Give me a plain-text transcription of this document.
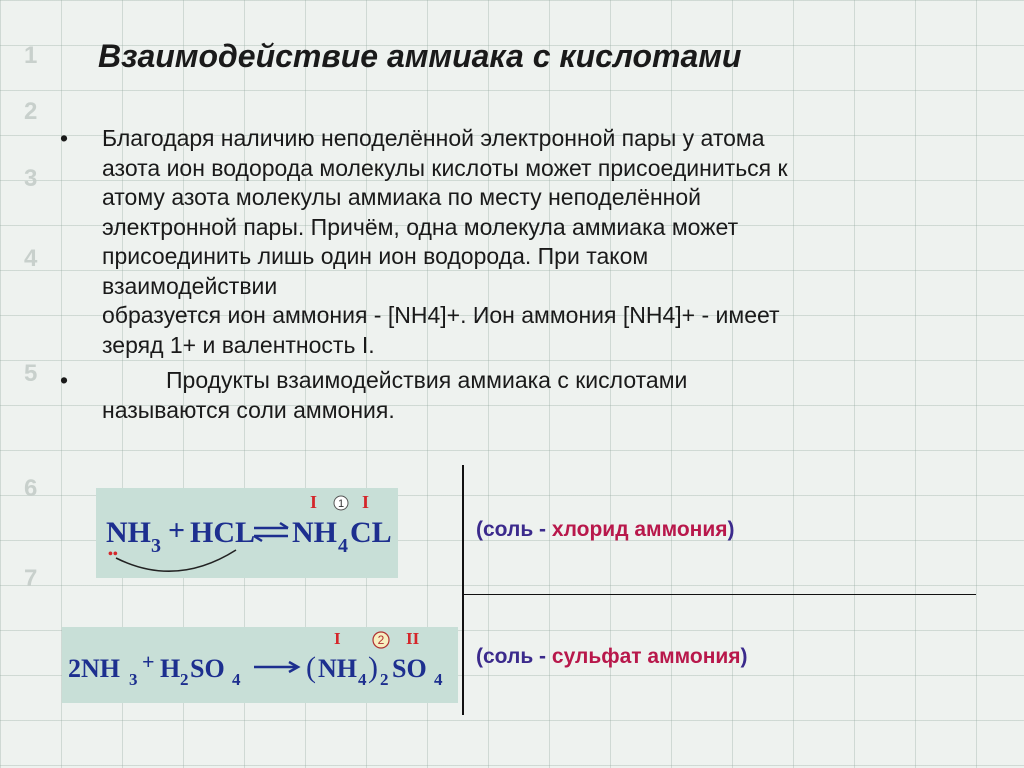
1
2
3
4
5
6
7
Взаимодействие аммиака с кислотами
•	Благодаря наличию неподелённой электронной пары у атома

азота ион водорода молекулы кислоты может присоединиться к

атому азота молекулы аммиака по месту неподелённой

электронной пары. Причём, одна молекула аммиака может

присоединить лишь один ион водорода. При таком

взаимодействии

образуется ион аммония - [NH4]+. Ион аммония [NH4]+ - имеет

зеряд 1+ и валентность I.

•	Продукты взаимодействия аммиака с кислотами

называются соли аммония.

NH 3 + HCL NH 4 CL
I I
••
1
(соль - хлорид аммония)
2NH 3
+ H 2 SO 4 ( NH 4 ) 2 SO 4
I	II
2
(соль - сульфат аммония)
